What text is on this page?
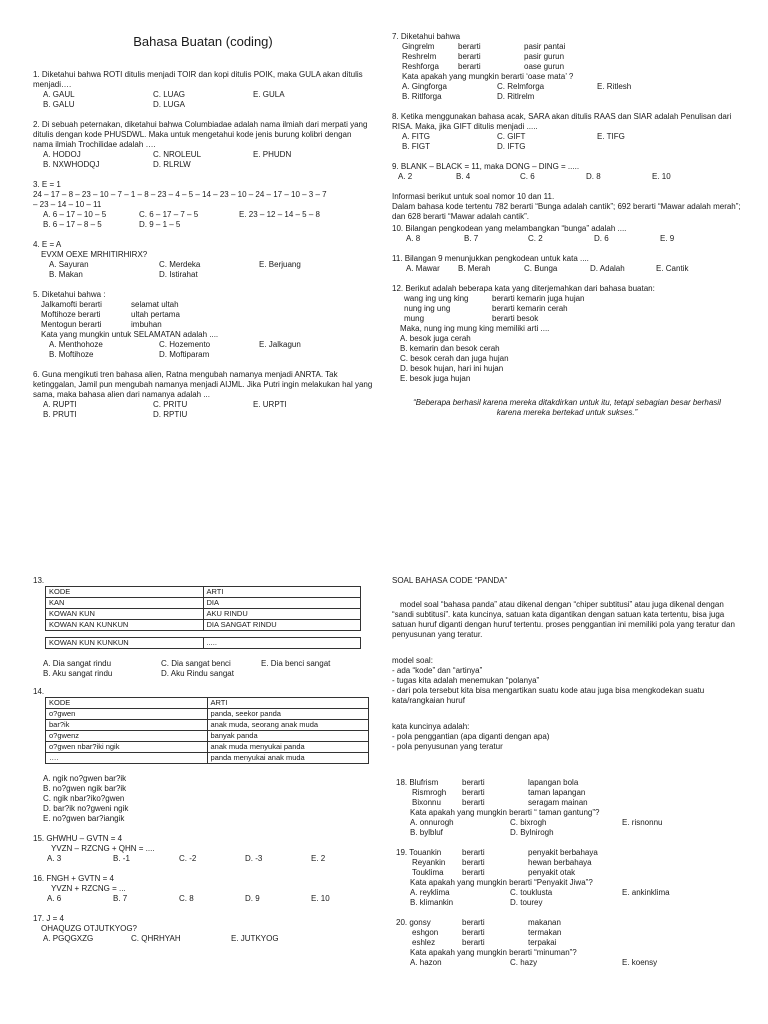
Bahasa Buatan (coding)
1. Diketahui bahwa ROTI ditulis menjadi TOIR dan kopi ditulis POIK, maka GULA akan ditulis menjadi….
A. GAUL	C. LUAG	E. GULA
B. GALU	D. LUGA
2. Di sebuah peternakan, diketahui bahwa Columbiadae adalah nama ilmiah dari merpati yang ditulis dengan kode PHUSDWL. Maka untuk mengetahui kode jenis burung kolibri dengan nama ilmiah Trochilidae adalah ….
A. HODOJ	C. NROLEUL	E. PHUDN
B. NXWHODQJ	D. RLRLW
3. E = 1
24 – 17 – 8 – 23 – 10 – 7 – 1 – 8 – 23 – 4 – 5 – 14 – 23 – 10 – 24 – 17 – 10 – 3 – 7
– 23 – 14 – 10 – 11
A. 6 – 17 – 10 – 5	C. 6 – 17 – 7 – 5	E. 23 – 12 – 14 – 5 – 8
B. 6 – 17 – 8 – 5	D. 9 – 1 – 5
4. E = A
EVXM OEXE MRHITIRHIRX?
A. Sayuran	C. Merdeka	E. Berjuang
B. Makan	D. Istirahat
5. Diketahui bahwa :
Jalkamofti berarti	selamat ultah
Moftihoze berarti	ultah pertama
Mentogun berarti	imbuhan
Kata yang mungkin untuk SELAMATAN adalah ....
A. Menthohoze	C. Hozemento	E. Jalkagun
B. Moftihoze	D. Moftiparam
6. Guna mengikuti tren bahasa alien, Ratna mengubah namanya menjadi ANRTA. Tak ketinggalan, Jamil pun mengubah namanya menjadi AIJML. Jika Putri ingin melakukan hal yang sama, maka bahasa alien dari namanya adalah ...
A. RUPTI	C. PRITU	E. URPTI
B. PRUTI	D. RPTIU
7. Diketahui bahwa
Gingrelm	berarti	pasir pantai
Reshrelm	berarti	pasir gurun
Reshforga	berarti	oase gurun
Kata apakah yang mungkin berarti ‘oase mata’ ?
A. Gingforga	C. Relmforga	E. Ritlesh
B. Ritlforga	D. Ritlrelm
8. Ketika menggunakan bahasa acak, SARA akan ditulis RAAS dan SIAR adalah Penulisan dari RISA. Maka, jika GIFT ditulis menjadi .....
A. FITG	C. GIFT	E. TIFG
B. FIGT	D. IFTG
9. BLANK – BLACK = 11, maka DONG – DING = .....
A. 2	B. 4	C. 6	D. 8	E. 10
Informasi berikut untuk soal nomor 10 dan 11.
Dalam bahasa kode tertentu 782 berarti “Bunga adalah cantik”; 692 berarti “Mawar adalah merah”; dan 628 berarti “Mawar adalah cantik”.
10. Bilangan pengkodean yang melambangkan “bunga” adalah ....
A. 8	B. 7	C. 2	D. 6	E. 9
11. Bilangan 9 menunjukkan pengkodean untuk kata ....
A. Mawar	B. Merah	C. Bunga	D. Adalah	E. Cantik
12. Berikut adalah beberapa kata yang diterjemahkan dari bahasa buatan:
wang ing ung king	berarti kemarin juga hujan
nung ing ung	berarti kemarin cerah
mung	berarti besok
Maka, nung ing mung king memiliki arti ....
A. besok juga cerah
B. kemarin dan besok cerah
C. besok cerah dan juga hujan
D. besok hujan, hari ini hujan
E. besok juga hujan
“Beberapa berhasil karena mereka ditakdirkan untuk itu, tetapi sebagian besar berhasil karena mereka bertekad untuk sukses.”
13.
KODE	ARTI
KAN	DIA
KOWAN KUN	AKU RINDU
KOWAN KAN KUNKUN	DIA SANGAT RINDU
KOWAN KUN KUNKUN	.....
A. Dia sangat rindu	C. Dia sangat benci	E. Dia benci sangat
B. Aku sangat rindu	D. Aku Rindu sangat
14.
KODE	ARTI
o?gwen	panda, seekor panda
bar?ik	anak muda, seorang anak muda
o?gwenz	banyak panda
o?gwen nbar?iki ngik	anak muda menyukai panda
….	panda menyukai anak muda
A. ngik no?gwen bar?ik
B. no?gwen ngik bar?ik
C. ngik nbar?iko?gwen
D. bar?ik no?gweni ngik
E. no?gwen bar?iangik
15. GHWHU – GVTN = 4
YVZN – RZCNG + QHN = ....
A. 3	B. -1	C. -2	D. -3	E. 2
16. FNGH + GVTN = 4
YVZN + RZCNG = ...
A. 6	B. 7	C. 8	D. 9	E. 10
17. J = 4
OHAQUZG OTJUTKYOG?
A. PGQGXZG	C. QHRHYAH	E. JUTKYOG
SOAL BAHASA CODE “PANDA”
model soal “bahasa panda” atau dikenal dengan “chiper subtitusi” atau juga dikenal dengan “sandi subtitusi”. kata kuncinya, satuan kata digantikan dengan satuan kata tertentu, bisa juga satuan huruf diganti dengan huruf tertentu. proses penggantian ini memiliki pola yang teratur dan penyusunan yang teratur.
model soal:
- ada “kode” dan “artinya”
- tugas kita adalah menemukan “polanya”
- dari pola tersebut kita bisa mengartikan suatu kode atau juga bisa mengkodekan suatu kata/rangkaian huruf
kata kuncinya adalah:
- pola penggantian (apa diganti dengan apa)
- pola penyusunan yang teratur
18. Blufrism	berarti	lapangan bola
Rismrogh	berarti	taman lapangan
Bixonnu	berarti	seragam mainan
Kata apakah yang mungkin berarti “ taman gantung”?
A. onnurogh	C. bixrogh	E. risnonnu
B. bylbluf	D. Bylnirogh
19. Touankin	berarti	penyakit berbahaya
Reyankin	berarti	hewan berbahaya
Touklima	berarti	penyakit otak
Kata apakah yang mungkin berarti “Penyakit Jiwa”?
A. reyklima	C. touklusta	E. ankinklima
B. klimankin	D. tourey
20. gonsy	berarti	makanan
eshgon	berarti	termakan
eshlez	berarti	terpakai
Kata apakah yang mungkin berarti “minuman”?
A. hazon	C. hazy	E. koensy
